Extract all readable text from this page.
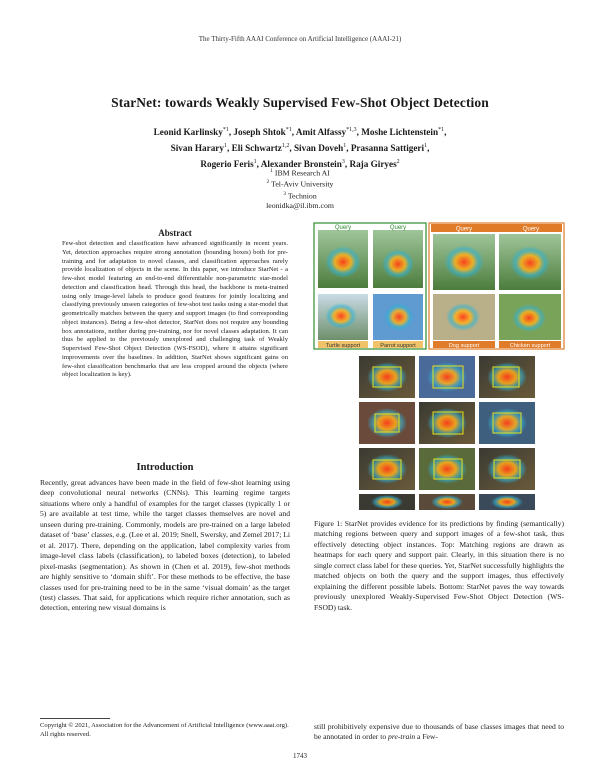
The Thirty-Fifth AAAI Conference on Artificial Intelligence (AAAI-21)
StarNet: towards Weakly Supervised Few-Shot Object Detection
Leonid Karlinsky$^{*1}$, Joseph Shtok$^{*1}$, Amit Alfassy$^{*1,3}$, Moshe Lichtenstein$^{*1}$,
Sivan Harary$^1$, Eli Schwartz$^{1,2}$, Sivan Doveh$^1$, Prasanna Sattigeri$^1$,
Rogerio Feris$^1$, Alexander Bronstein$^3$, Raja Giryes$^2$
$^1$ IBM Research AI
$^2$ Tel-Aviv University
$^3$ Technion
leonidka@il.ibm.com
Abstract
Few-shot detection and classification have advanced significantly in recent years. Yet, detection approaches require strong annotation (bounding boxes) both for pre-training and for adaptation to novel classes, and classification approaches rarely provide localization of objects in the scene. In this paper, we introduce StarNet - a few-shot model featuring an end-to-end differentiable non-parametric star-model detection and classification head. Through this head, the backbone is meta-trained using only image-level labels to produce good features for jointly localizing and classifying previously unseen categories of few-shot test tasks using a star-model that geometrically matches between the query and support images (to find corresponding object instances). Being a few-shot detector, StarNet does not require any bounding box annotations, neither during pre-training, nor for novel classes adaptation. It can thus be applied to the previously unexplored and challenging task of Weakly Supervised Few-Shot Object Detection (WS-FSOD), where it attains significant improvements over the baselines. In addition, StarNet shows significant gains on few-shot classification benchmarks that are less cropped around the objects (where object localization is key).
Introduction
Recently, great advances have been made in the field of few-shot learning using deep convolutional neural networks (CNNs). This learning regime targets situations where only a handful of examples for the target classes (typically 1 or 5) are available at test time, while the target classes themselves are novel and unseen during pre-training. Commonly, models are pre-trained on a large labeled dataset of ‘base’ classes, e.g. (Lee et al. 2019; Snell, Swersky, and Zemel 2017; Li et al. 2017). There, depending on the application, label complexity varies from image-level class labels (classification), to labeled boxes (detection), to labeled pixel-masks (segmentation). As shown in (Chen et al. 2019), few-shot methods are highly sensitive to ‘domain shift’. For these methods to be effective, the base classes used for pre-training need to be in the same ‘visual domain’ as the target (test) classes. That said, for applications which require richer annotation, such as detection, entering new visual domains is
Copyright © 2021, Association for the Advancement of Artificial Intelligence (www.aaai.org). All rights reserved.
Query	Query
Turtle support	Parrot support
Query	Query
Dog support	Chicken support
Figure 1: StarNet provides evidence for its predictions by finding (semantically) matching regions between query and support images of a few-shot task, thus effectively detecting object instances. Top: Matching regions are drawn as heatmaps for each query and support pair. Clearly, in this situation there is no single correct class label for these queries. Yet, StarNet successfully highlights the matched objects on both the query and the support images, thus effectively explaining the different possible labels. Bottom: StarNet paves the way towards previously unexplored Weakly-Supervised Few-Shot Object Detection (WS-FSOD) task.
still prohibitively expensive due to thousands of base classes images that need to be annotated in order to pre-train a Few-
1743
